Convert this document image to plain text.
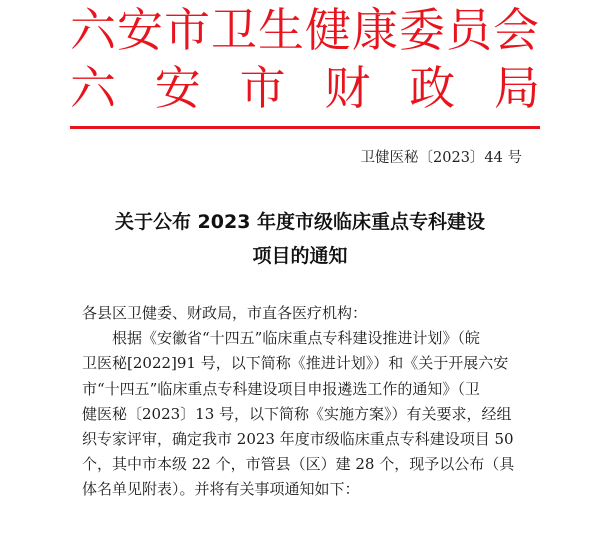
六安市卫生健康委员会
六 安 市 财 政 局
卫健医秘〔2023〕44 号
关于公布 2023 年度市级临床重点专科建设
项目的通知

各县区卫健委、财政局，市直各医疗机构：

根据《安徽省“十四五”临床重点专科建设推进计划》（皖

卫医秘[2022]91 号，以下简称《推进计划》）和《关于开展六安

市“十四五”临床重点专科建设项目申报遴选工作的通知》（卫

健医秘〔2023〕13 号，以下简称《实施方案》）有关要求，经组

织专家评审，确定我市 2023 年度市级临床重点专科建设项目 50

个，其中市本级 22 个，市管县（区）建 28 个，现予以公布（具

体名单见附表）。并将有关事项通知如下：
